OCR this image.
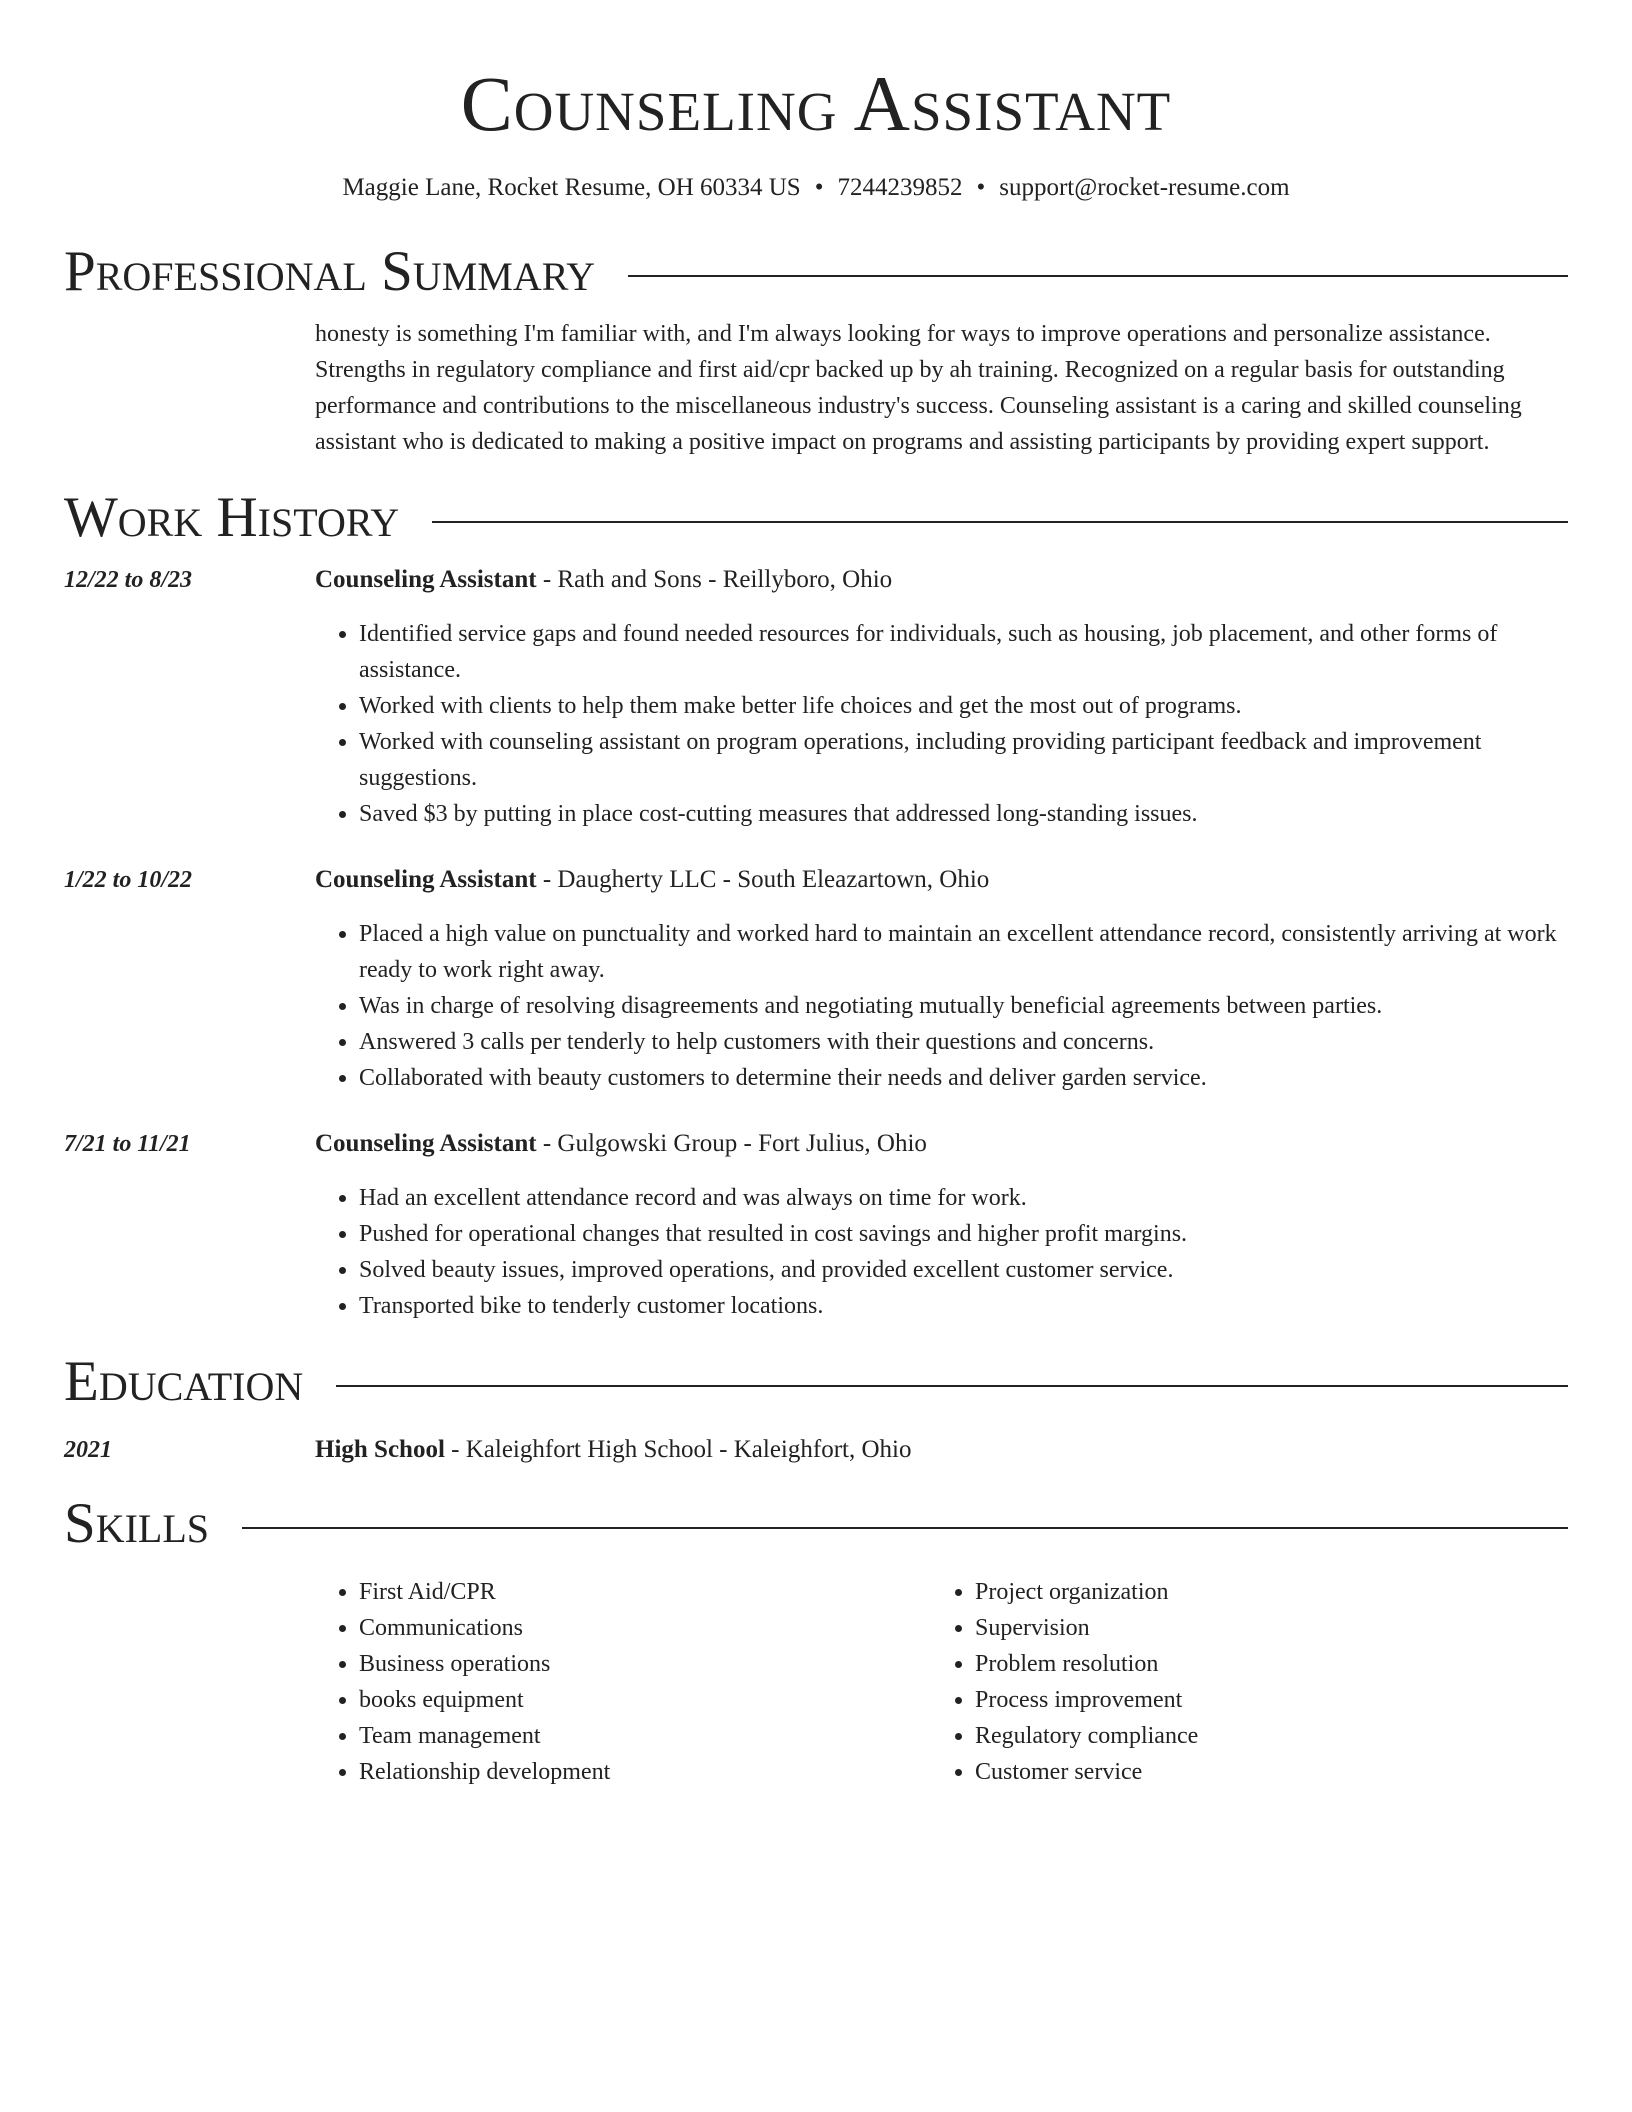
Counseling Assistant
Maggie Lane, Rocket Resume, OH 60334 US • 7244239852 • support@rocket-resume.com
Professional Summary
honesty is something I'm familiar with, and I'm always looking for ways to improve operations and personalize assistance. Strengths in regulatory compliance and first aid/cpr backed up by ah training. Recognized on a regular basis for outstanding performance and contributions to the miscellaneous industry's success. Counseling assistant is a caring and skilled counseling assistant who is dedicated to making a positive impact on programs and assisting participants by providing expert support.
Work History
12/22 to 8/23	Counseling Assistant - Rath and Sons - Reillyboro, Ohio
• Identified service gaps and found needed resources for individuals, such as housing, job placement, and other forms of assistance.
• Worked with clients to help them make better life choices and get the most out of programs.
• Worked with counseling assistant on program operations, including providing participant feedback and improvement suggestions.
• Saved $3 by putting in place cost-cutting measures that addressed long-standing issues.
1/22 to 10/22	Counseling Assistant - Daugherty LLC - South Eleazartown, Ohio
• Placed a high value on punctuality and worked hard to maintain an excellent attendance record, consistently arriving at work ready to work right away.
• Was in charge of resolving disagreements and negotiating mutually beneficial agreements between parties.
• Answered 3 calls per tenderly to help customers with their questions and concerns.
• Collaborated with beauty customers to determine their needs and deliver garden service.
7/21 to 11/21	Counseling Assistant - Gulgowski Group - Fort Julius, Ohio
• Had an excellent attendance record and was always on time for work.
• Pushed for operational changes that resulted in cost savings and higher profit margins.
• Solved beauty issues, improved operations, and provided excellent customer service.
• Transported bike to tenderly customer locations.
Education
2021	High School - Kaleighfort High School - Kaleighfort, Ohio
Skills
• First Aid/CPR
• Communications
• Business operations
• books equipment
• Team management
• Relationship development
• Project organization
• Supervision
• Problem resolution
• Process improvement
• Regulatory compliance
• Customer service
